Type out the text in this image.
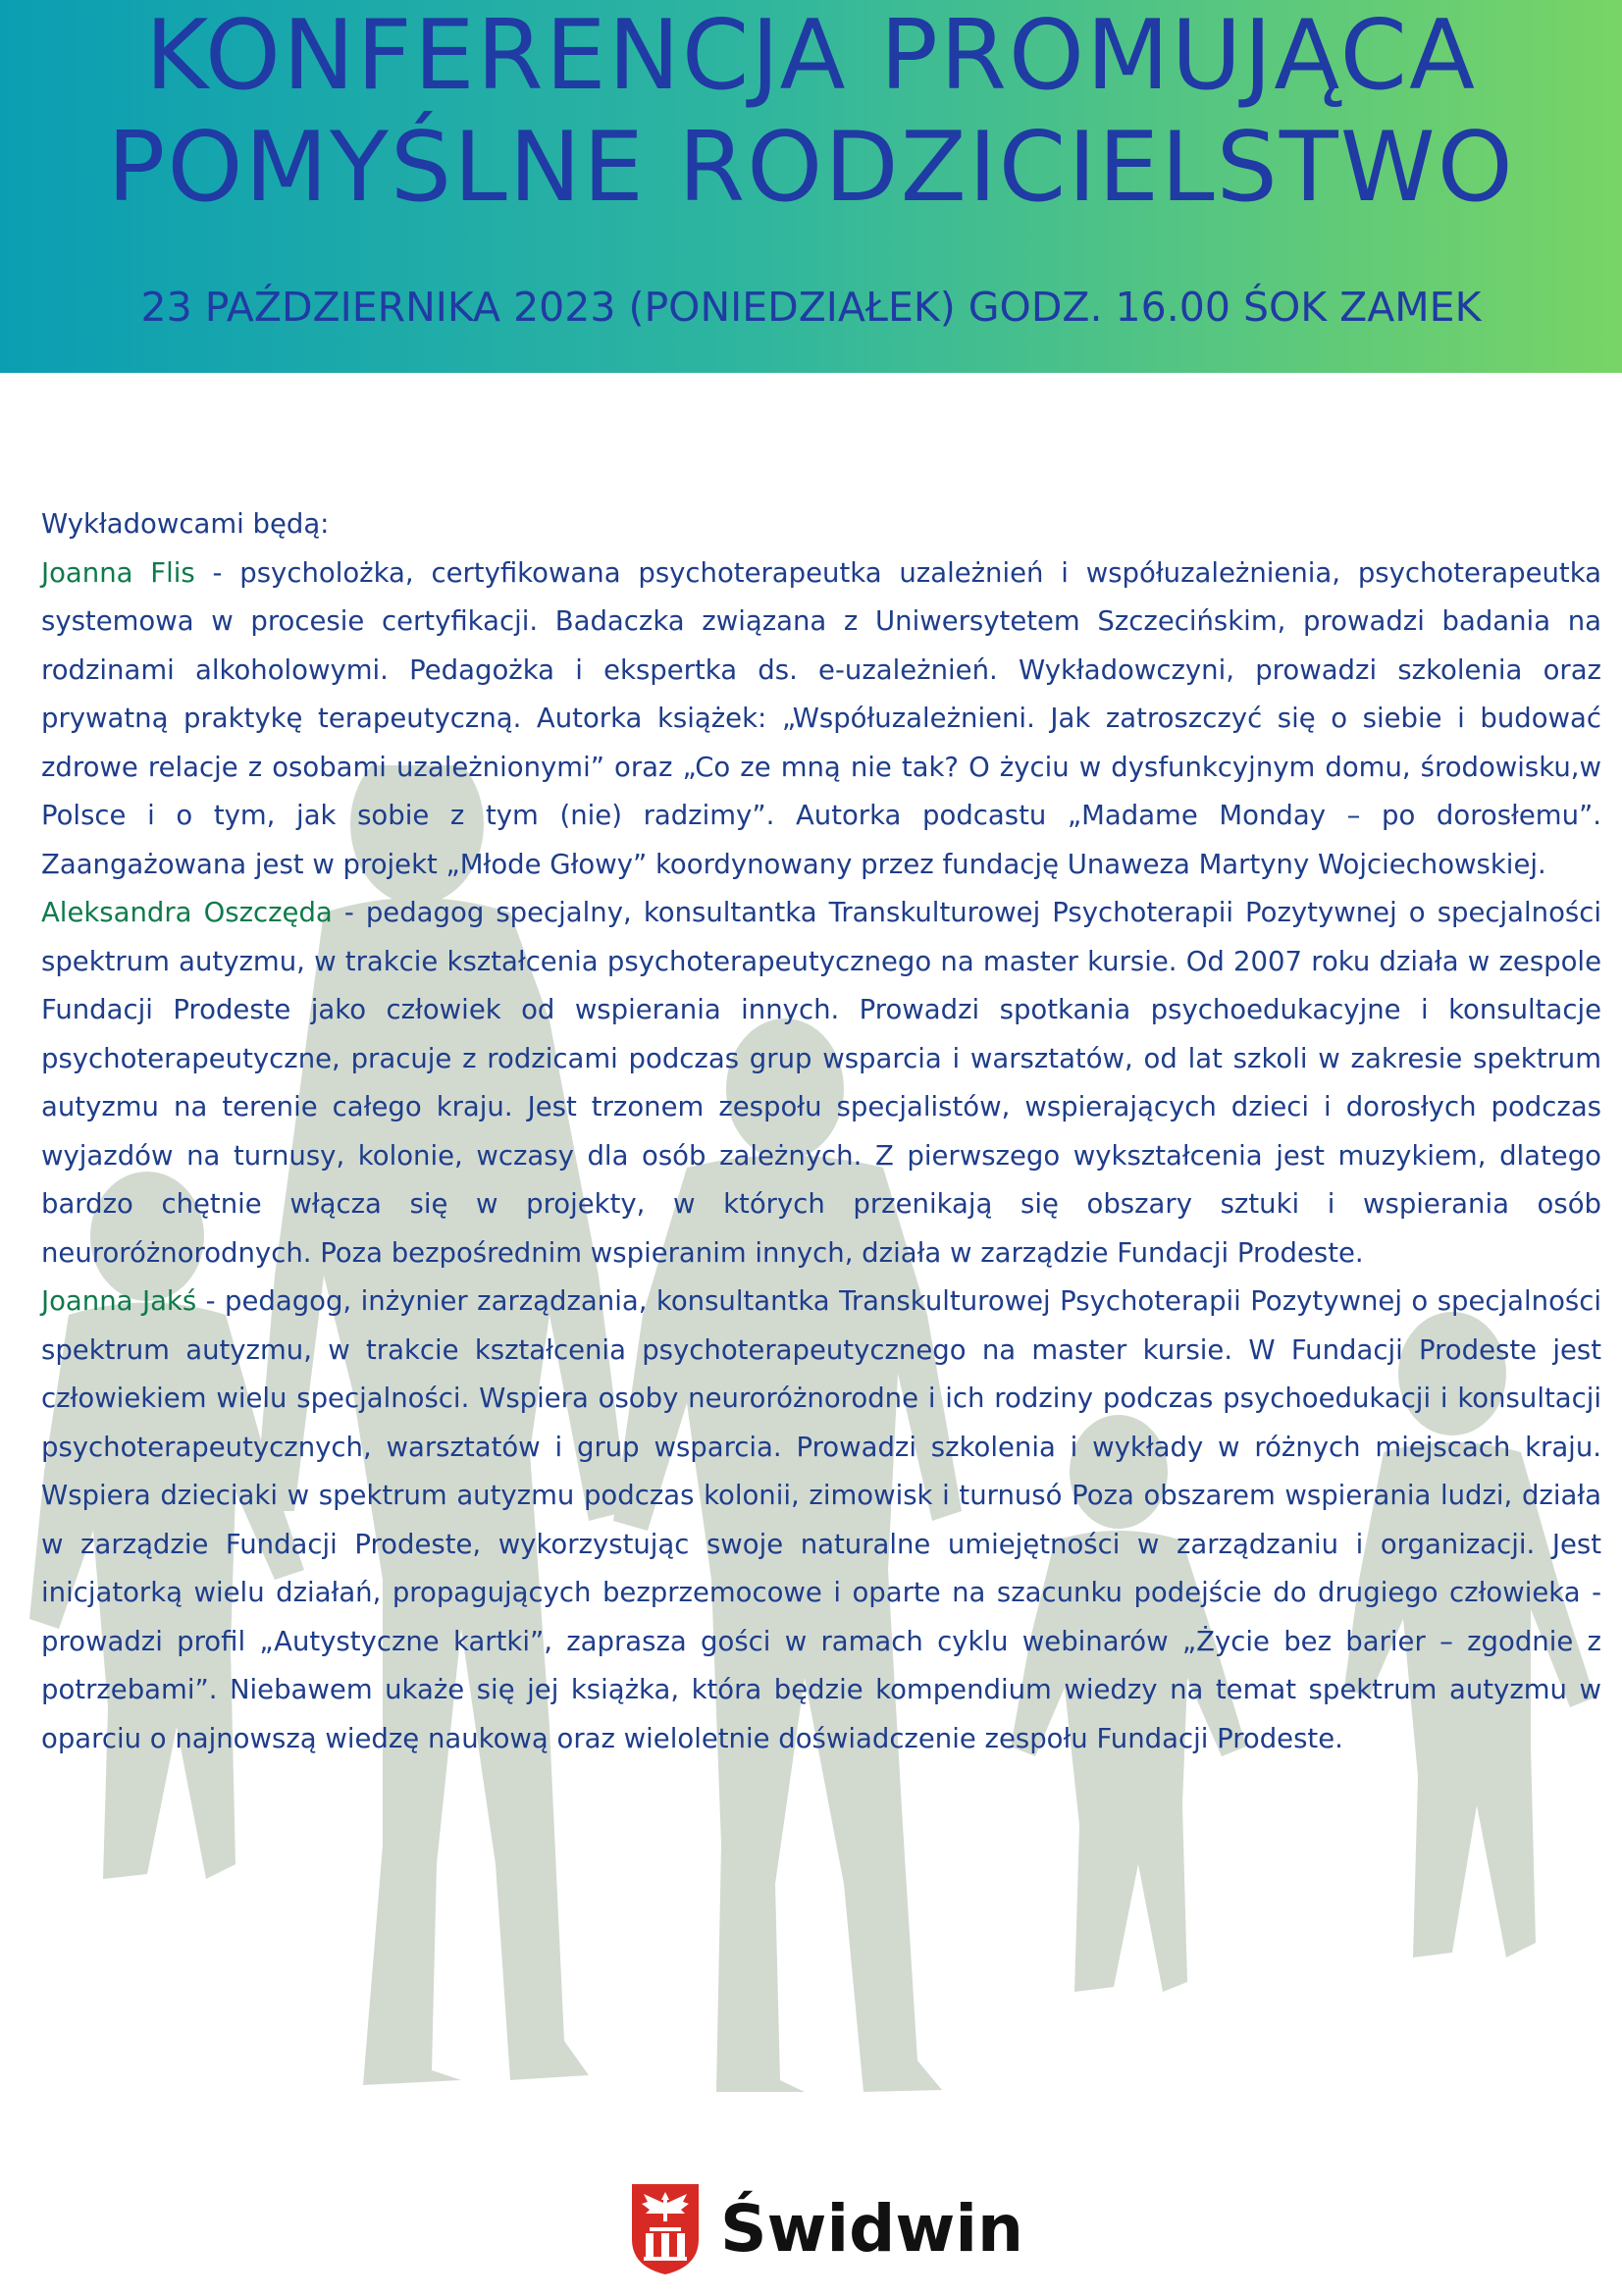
KONFERENCJA PROMUJĄCA
POMYŚLNE RODZICIELSTWO
23 PAŹDZIERNIKA 2023 (PONIEDZIAŁEK) GODZ. 16.00 ŚOK ZAMEK

Wykładowcami będą:

Joanna Flis - psycholożka, certyfikowana psychoterapeutka uzależnień i współuzależnienia, psychoterapeutka systemowa w procesie certyfikacji. Badaczka związana z Uniwersytetem Szczecińskim, prowadzi badania na rodzinami alkoholowymi. Pedagożka i ekspertka ds. e-uzależnień. Wykładowczyni, prowadzi szkolenia oraz prywatną praktykę terapeutyczną. Autorka książek: „Współuzależnieni. Jak zatroszczyć się o siebie i budować zdrowe relacje z osobami uzależnionymi” oraz „Co ze mną nie tak? O życiu w dysfunkcyjnym domu, środowisku,w Polsce i o tym, jak sobie z tym (nie) radzimy”. Autorka podcastu „Madame Monday – po dorosłemu”. Zaangażowana jest w projekt „Młode Głowy” koordynowany przez fundację Unaweza Martyny Wojciechowskiej.

Aleksandra Oszczęda - pedagog specjalny, konsultantka Transkulturowej Psychoterapii Pozytywnej o specjalności spektrum autyzmu, w trakcie kształcenia psychoterapeutycznego na master kursie. Od 2007 roku działa w zespole Fundacji Prodeste jako człowiek od wspierania innych. Prowadzi spotkania psychoedukacyjne i konsultacje psychoterapeutyczne, pracuje z rodzicami podczas grup wsparcia i warsztatów, od lat szkoli w zakresie spektrum autyzmu na terenie całego kraju. Jest trzonem zespołu specjalistów, wspierających dzieci i dorosłych podczas wyjazdów na turnusy, kolonie, wczasy dla osób zależnych. Z pierwszego wykształcenia jest muzykiem, dlatego bardzo chętnie włącza się w projekty, w których przenikają się obszary sztuki i wspierania osób neuroróżnorodnych. Poza bezpośrednim wspieranim innych, działa w zarządzie Fundacji Prodeste.

Joanna Jakś - pedagog, inżynier zarządzania, konsultantka Transkulturowej Psychoterapii Pozytywnej o specjalności spektrum autyzmu, w trakcie kształcenia psychoterapeutycznego na master kursie. W Fundacji Prodeste jest człowiekiem wielu specjalności. Wspiera osoby neuroróżnorodne i ich rodziny podczas psychoedukacji i konsultacji psychoterapeutycznych, warsztatów i grup wsparcia. Prowadzi szkolenia i wykłady w różnych miejscach kraju. Wspiera dzieciaki w spektrum autyzmu podczas kolonii, zimowisk i turnusó Poza obszarem wspierania ludzi, działa w zarządzie Fundacji Prodeste, wykorzystując swoje naturalne umiejętności w zarządzaniu i organizacji. Jest inicjatorką wielu działań, propagujących bezprzemocowe i oparte na szacunku podejście do drugiego człowieka - prowadzi profil „Autystyczne kartki”, zaprasza gości w ramach cyklu webinarów „Życie bez barier – zgodnie z potrzebami”. Niebawem ukaże się jej książka, która będzie kompendium wiedzy na temat spektrum autyzmu w oparciu o najnowszą wiedzę naukową oraz wieloletnie doświadczenie zespołu Fundacji Prodeste.

Świdwin
